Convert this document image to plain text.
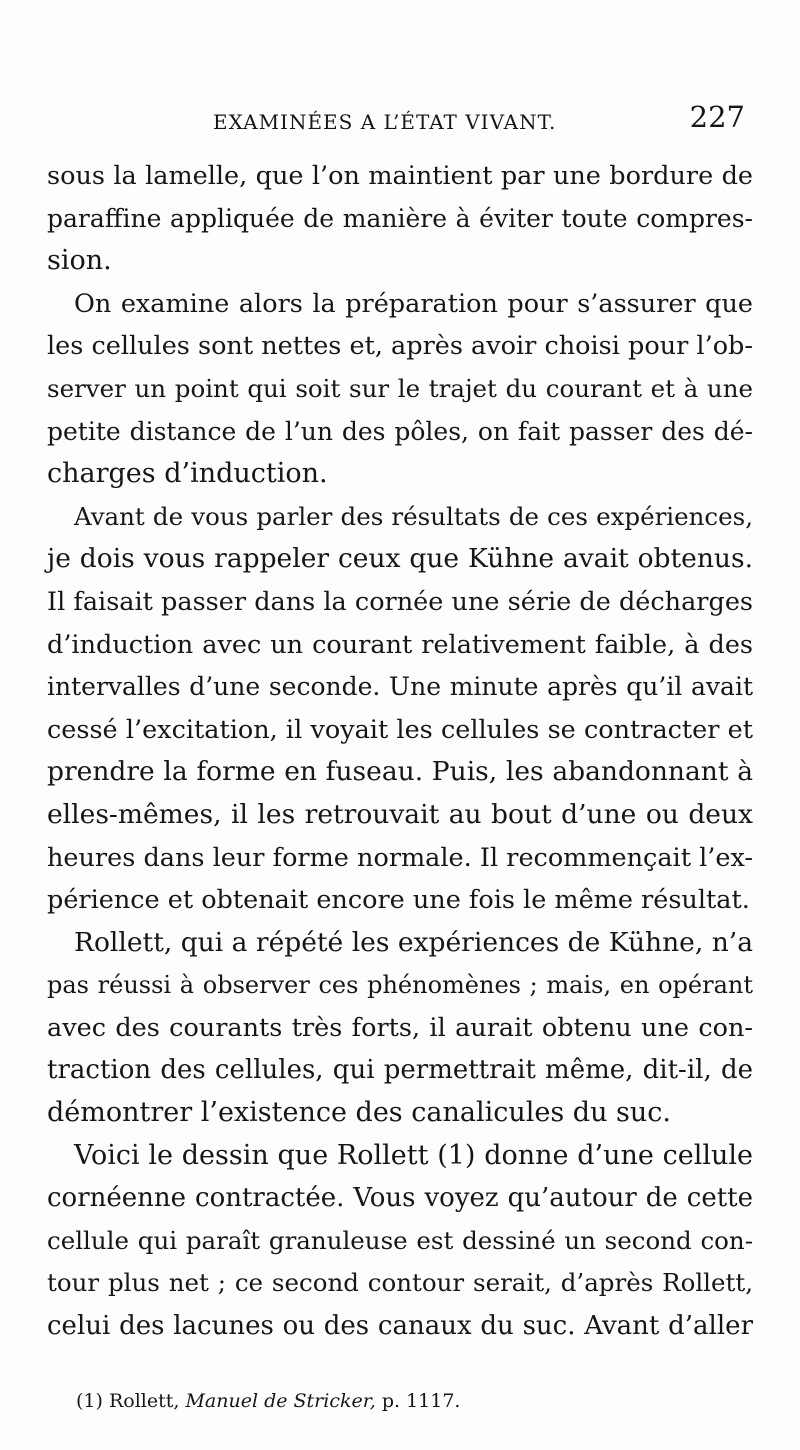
EXAMINÉES A L’ÉTAT VIVANT.	227
sous la lamelle, que l’on maintient par une bordure de
paraffine appliquée de manière à éviter toute compres-
sion.
On examine alors la préparation pour s’assurer que
les cellules sont nettes et, après avoir choisi pour l’ob-
server un point qui soit sur le trajet du courant et à une
petite distance de l’un des pôles, on fait passer des dé-
charges d’induction.
Avant de vous parler des résultats de ces expériences,
je dois vous rappeler ceux que Kühne avait obtenus.
Il faisait passer dans la cornée une série de décharges
d’induction avec un courant relativement faible, à des
intervalles d’une seconde. Une minute après qu’il avait
cessé l’excitation, il voyait les cellules se contracter et
prendre la forme en fuseau. Puis, les abandonnant à
elles-mêmes, il les retrouvait au bout d’une ou deux
heures dans leur forme normale. Il recommençait l’ex-
périence et obtenait encore une fois le même résultat.
Rollett, qui a répété les expériences de Kühne, n’a
pas réussi à observer ces phénomènes ; mais, en opérant
avec des courants très forts, il aurait obtenu une con-
traction des cellules, qui permettrait même, dit-il, de
démontrer l’existence des canalicules du suc.
Voici le dessin que Rollett (1) donne d’une cellule
cornéenne contractée. Vous voyez qu’autour de cette
cellule qui paraît granuleuse est dessiné un second con-
tour plus net ; ce second contour serait, d’après Rollett,
celui des lacunes ou des canaux du suc. Avant d’aller
(1) Rollett, Manuel de Stricker, p. 1117.
